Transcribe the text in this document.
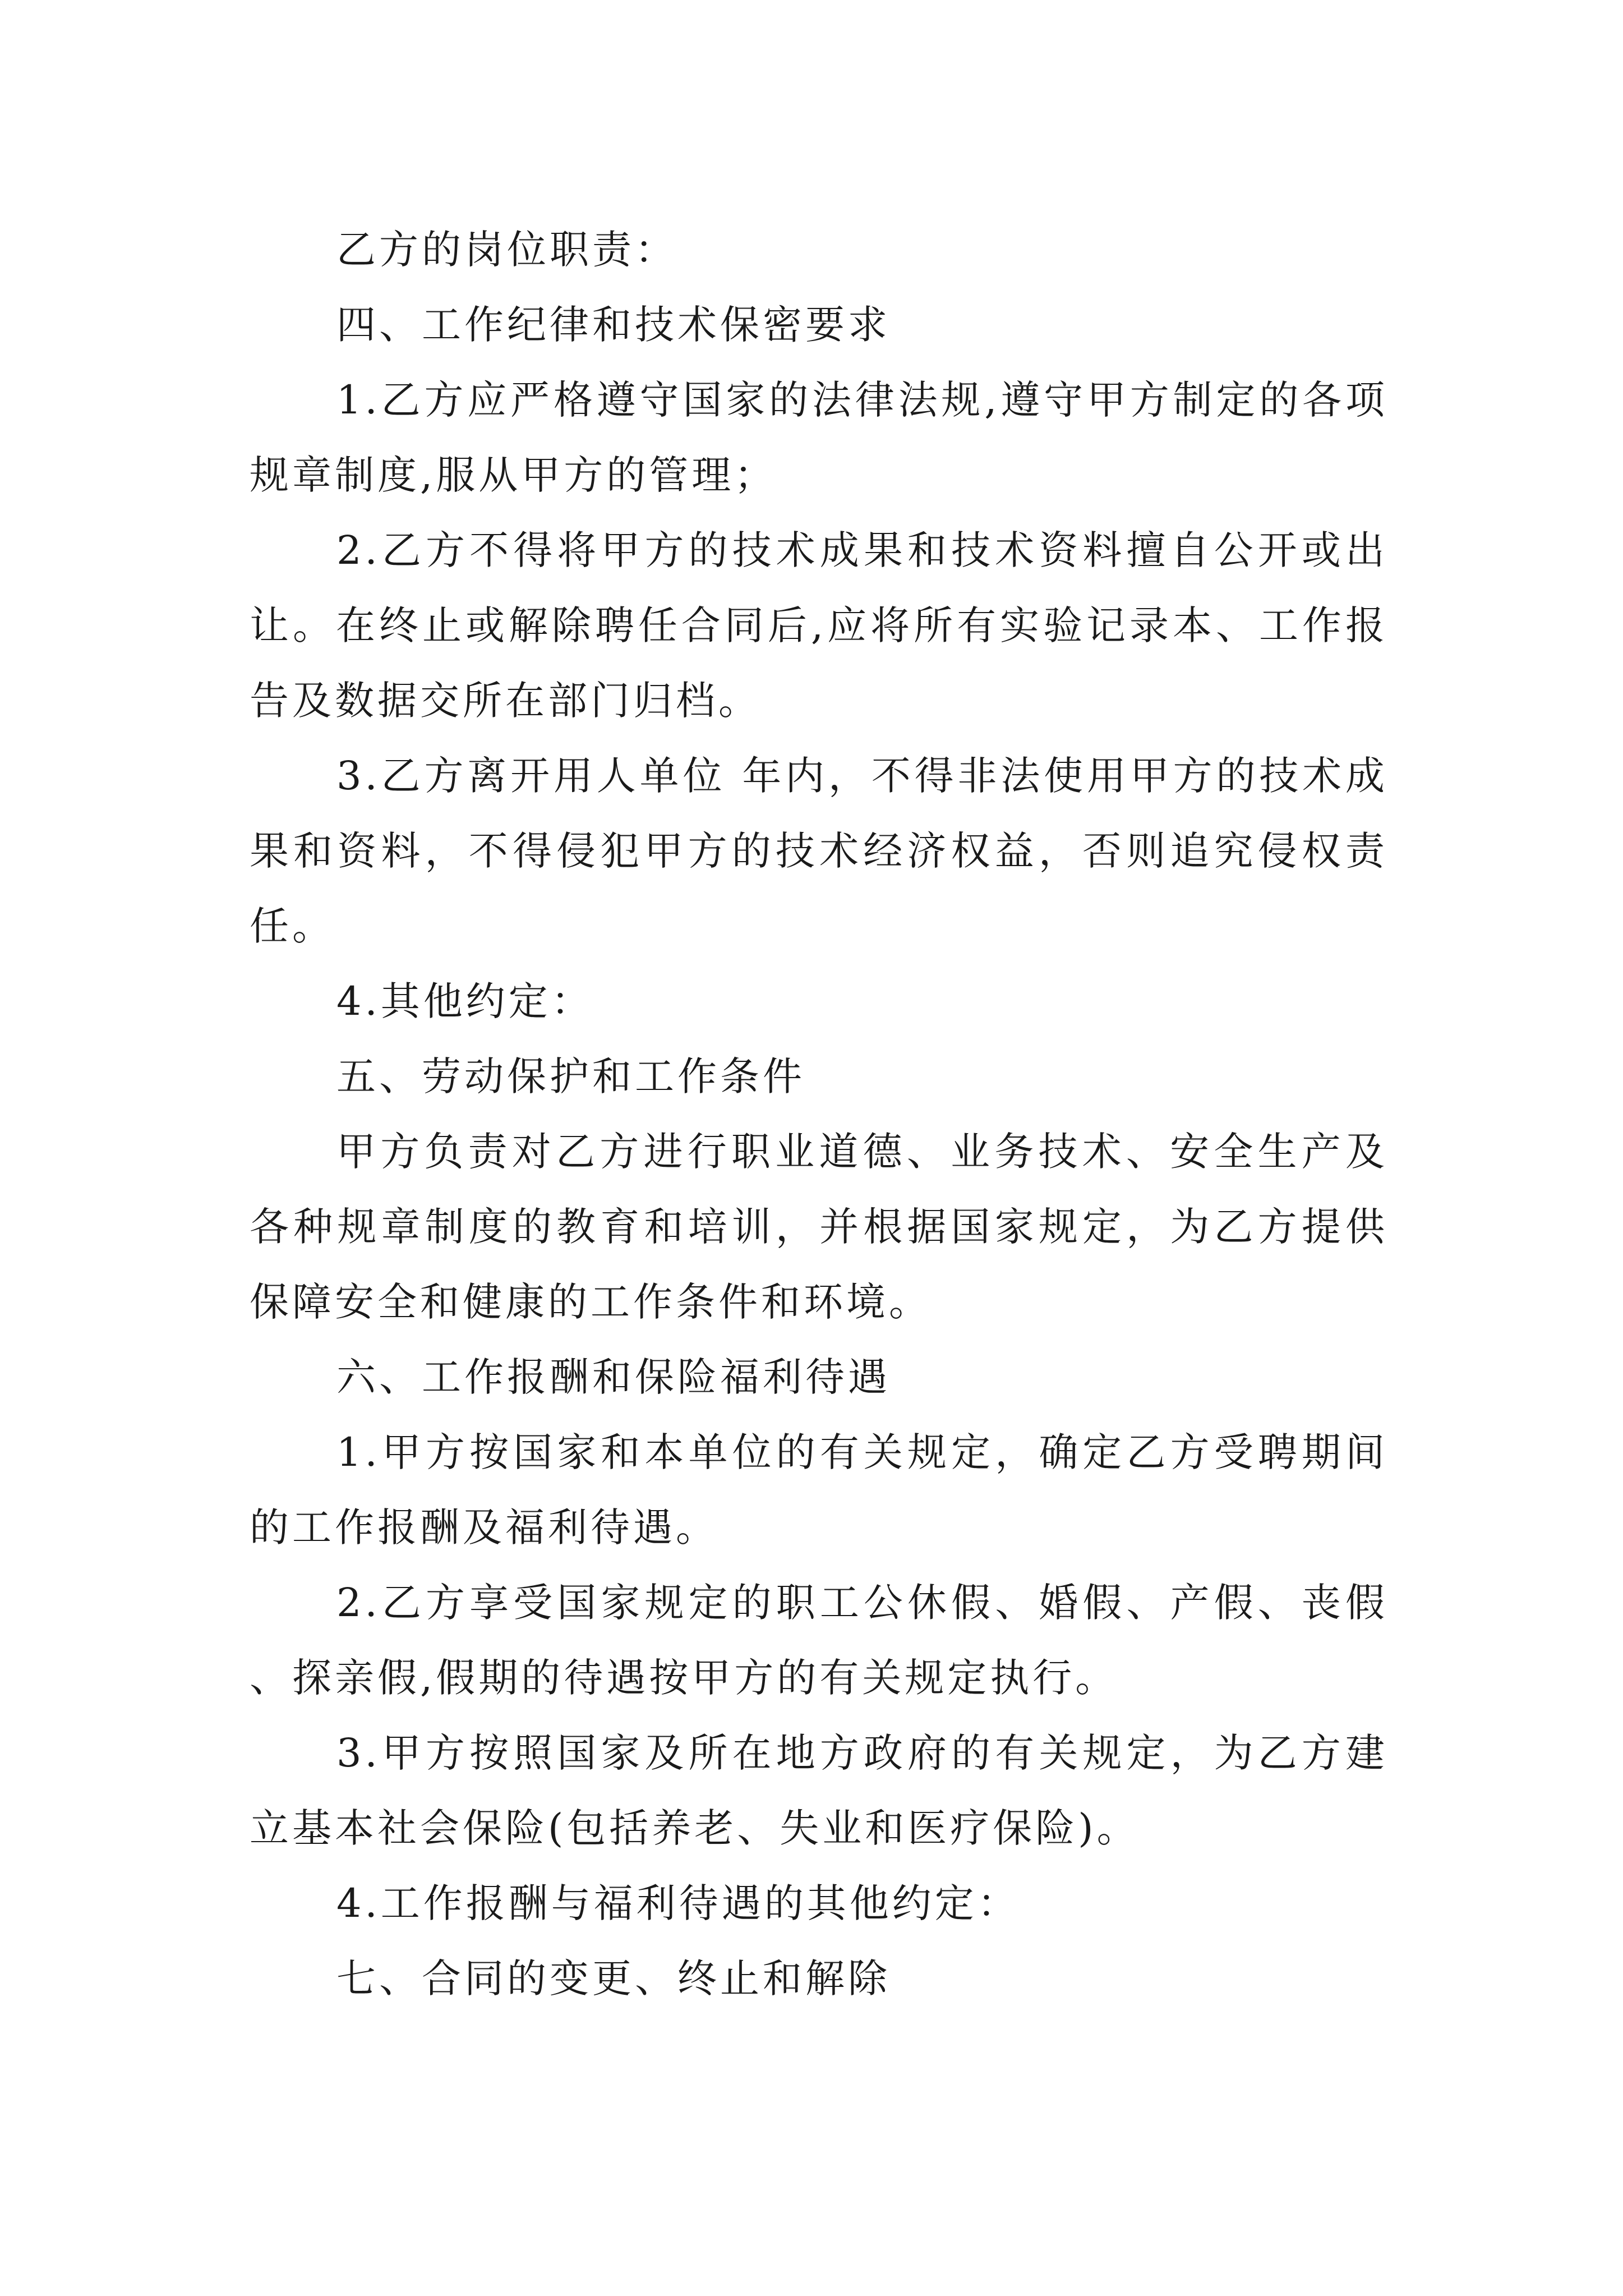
乙方的岗位职责：

四、工作纪律和技术保密要求

1.乙方应严格遵守国家的法律法规,遵守甲方制定的各项规章制度,服从甲方的管理；

2.乙方不得将甲方的技术成果和技术资料擅自公开或出让。在终止或解除聘任合同后,应将所有实验记录本、工作报告及数据交所在部门归档。

3.乙方离开用人单位 年内，不得非法使用甲方的技术成果和资料，不得侵犯甲方的技术经济权益，否则追究侵权责任。

4.其他约定：

五、劳动保护和工作条件

甲方负责对乙方进行职业道德、业务技术、安全生产及各种规章制度的教育和培训，并根据国家规定，为乙方提供保障安全和健康的工作条件和环境。

六、工作报酬和保险福利待遇

1.甲方按国家和本单位的有关规定，确定乙方受聘期间的工作报酬及福利待遇。

2.乙方享受国家规定的职工公休假、婚假、产假、丧假、探亲假,假期的待遇按甲方的有关规定执行。

3.甲方按照国家及所在地方政府的有关规定，为乙方建立基本社会保险(包括养老、失业和医疗保险)。

4.工作报酬与福利待遇的其他约定：

七、合同的变更、终止和解除
